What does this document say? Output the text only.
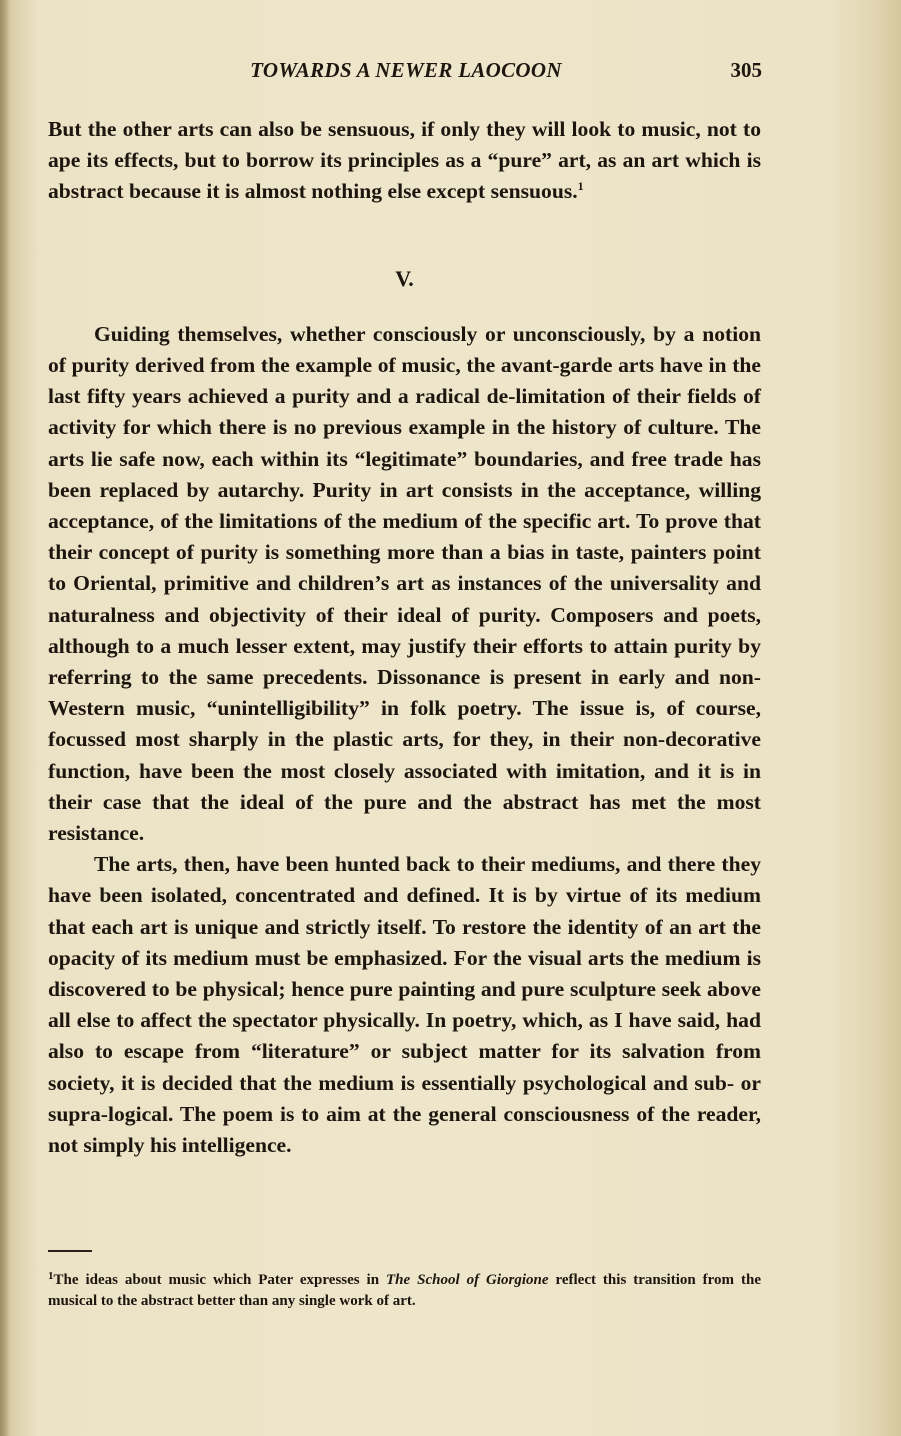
TOWARDS A NEWER LAOCOON	305

But the other arts can also be sensuous, if only they will look to music, not to ape its effects, but to borrow its principles as a “pure” art, as an art which is abstract because it is almost nothing else except sensuous.$^1$

V.

Guiding themselves, whether consciously or unconsciously, by a notion of purity derived from the example of music, the avant-garde arts have in the last fifty years achieved a purity and a radical de-limitation of their fields of activity for which there is no previous example in the history of culture. The arts lie safe now, each within its “legitimate” boundaries, and free trade has been replaced by autarchy. Purity in art consists in the acceptance, willing acceptance, of the limitations of the medium of the specific art. To prove that their concept of purity is something more than a bias in taste, painters point to Oriental, primitive and children’s art as instances of the universality and naturalness and objectivity of their ideal of purity. Composers and poets, although to a much lesser extent, may justify their efforts to attain purity by referring to the same precedents. Dissonance is present in early and non-Western music, “unintelligibility” in folk poetry. The issue is, of course, focussed most sharply in the plastic arts, for they, in their non-decorative function, have been the most closely associated with imitation, and it is in their case that the ideal of the pure and the abstract has met the most resistance.

The arts, then, have been hunted back to their mediums, and there they have been isolated, concentrated and defined. It is by virtue of its medium that each art is unique and strictly itself. To restore the identity of an art the opacity of its medium must be emphasized. For the visual arts the medium is discovered to be physical; hence pure painting and pure sculpture seek above all else to affect the spectator physically. In poetry, which, as I have said, had also to escape from “literature” or subject matter for its salvation from society, it is decided that the medium is essentially psychological and sub- or supra-logical. The poem is to aim at the general consciousness of the reader, not simply his intelligence.

$^1$The ideas about music which Pater expresses in The School of Giorgione reflect this transition from the musical to the abstract better than any single work of art.
